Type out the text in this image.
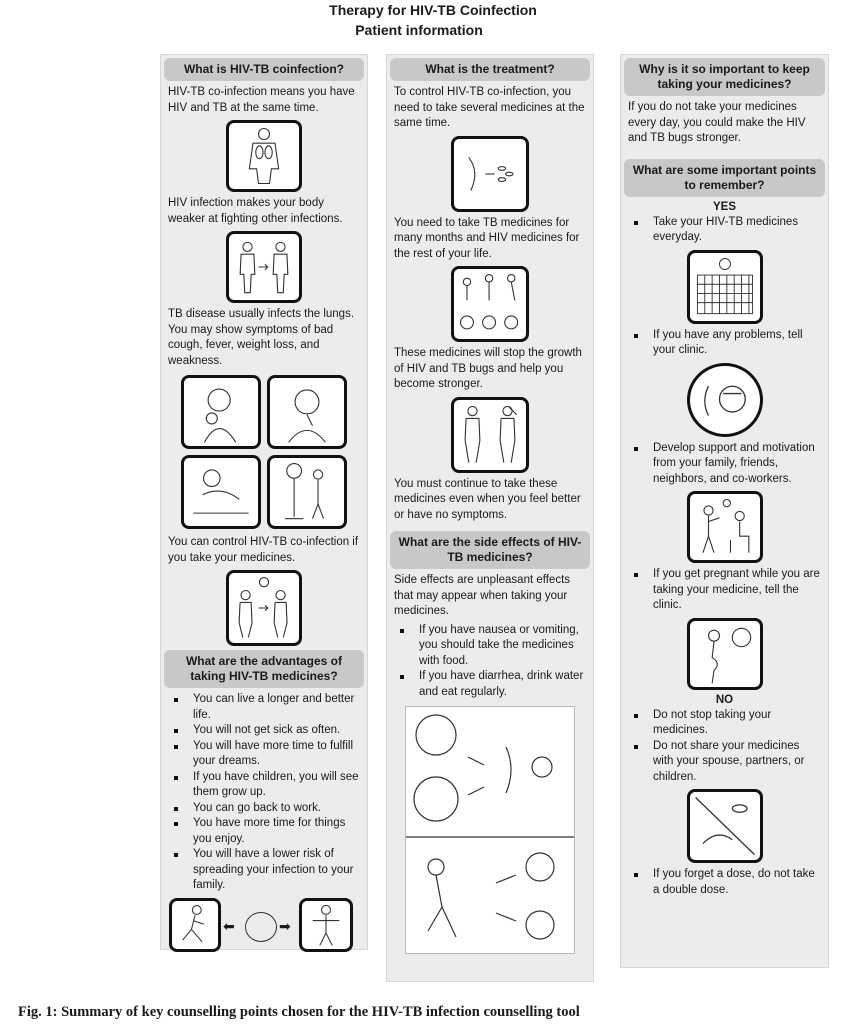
Therapy for HIV-TB Coinfection
Patient information
What is HIV-TB coinfection?

HIV-TB co-infection means you have HIV and TB at the same time.

HIV infection makes your body weaker at fighting other infections.

TB disease usually infects the lungs. You may show symptoms of bad cough, fever, weight loss, and weakness.

You can control HIV-TB co-infection if you take your medicines.

What are the advantages of taking HIV-TB medicines?
You can live a longer and better life.
You will not get sick as often.
You will have more time to fulfill your dreams.
If you have children, you will see them grow up.
You can go back to work.
You have more time for things you enjoy.
You will have a lower risk of spreading your infection to your family.
⬅	➡
What is the treatment?

To control HIV-TB co-infection, you need to take several medicines at the same time.

You need to take TB medicines for many months and HIV medicines for the rest of your life.

These medicines will stop the growth of HIV and TB bugs and help you become stronger.

You must continue to take these medicines even when you feel better or have no symptoms.

What are the side effects of HIV-TB medicines?

Side effects are unpleasant effects that may appear when taking your medicines.

If you have nausea or vomiting, you should take the medicines with food.
If you have diarrhea, drink water and eat regularly.
Why is it so important to keep taking your medicines?

If you do not take your medicines every day, you could make the HIV and TB bugs stronger.

What are some important points to remember?
YES
Take your HIV-TB medicines everyday.
If you have any problems, tell your clinic.
Develop support and motivation from your family, friends, neighbors, and co-workers.
If you get pregnant while you are taking your medicine, tell the clinic.
NO
Do not stop taking your medicines.
Do not share your medicines with your spouse, partners, or children.
If you forget a dose, do not take a double dose.
Fig. 1: Summary of key counselling points chosen for the HIV-TB infection counselling tool
